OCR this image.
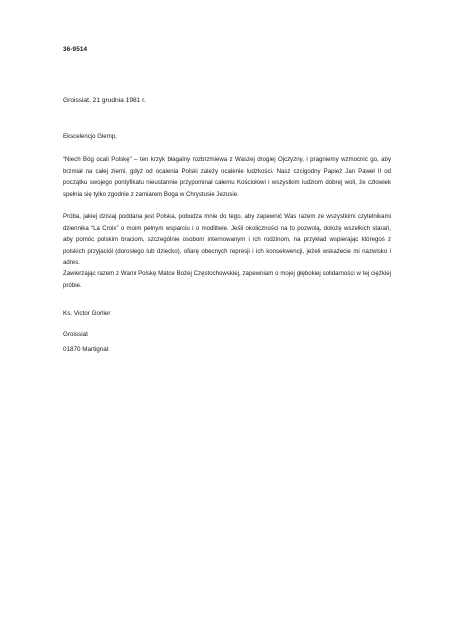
36-9514
Groissiat, 21 grudnia 1981 r.
Ekscelencjo Glemp,
“Niech Bóg ocali Polskę” – ten krzyk błagalny rozbrzmiewa z Waszej drogiej Ojczyzny, i pragniemy wzmocnić go, aby brzmiał na całej ziemi, gdyż od ocalenia Polski zależy ocalenie ludzkości. Nasz czcigodny Papież Jan Paweł II od początku swojego pontyfikatu nieustannie przypominał całemu Kościołowi i wszystkim ludziom dobrej woli, że człowiek spełnia się tylko zgodnie z zamiarem Boga w Chrystusie Jezusie.
Próba, jakiej dzisiaj poddana jest Polska, pobudza mnie do tego, aby zapewnić Was razem ze wszystkimi czytelnikami dziennika “La Croix” o moim pełnym wsparciu i o modlitwie. Jeśli okoliczności na to pozwolą, dołożę wszelkich starań, aby pomóc polskim braciom, szczególnie osobom internowanym i ich rodzinom, na przykład wspierając któregoś z polskich przyjaciół (dorosłego lub dziecko), ofiarę obecnych represji i ich konsekwencji, jeżeli wskażecie mi nazwisko i adres.
Zawierzając razem z Wami Polskę Matce Bożej Częstochowskiej, zapewniam o mojej głębokiej solidarności w tej ciężkiej próbie.
Ks. Victor Gorlier
Groissiat
01870 Martignat
